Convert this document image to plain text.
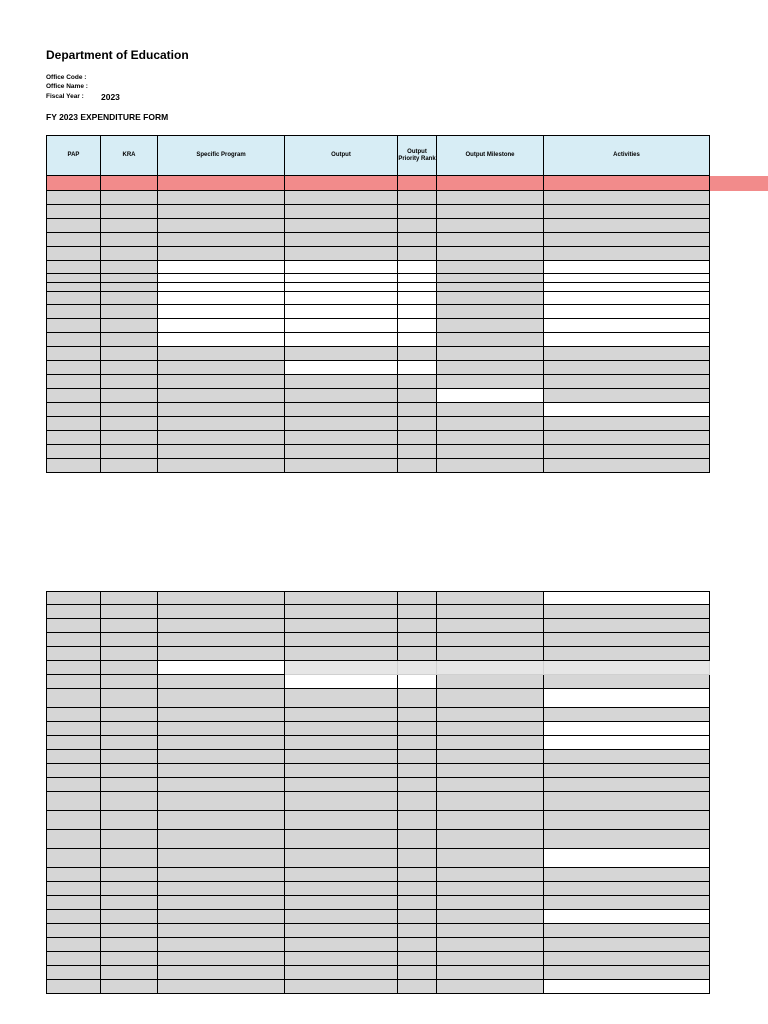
Department of Education
Office Code :
Office Name :
Fiscal Year : 2023
FY 2023 EXPENDITURE FORM
PAP	KRA	Specific Program	Output	Output Priority Rank	Output Milestone	Activities
